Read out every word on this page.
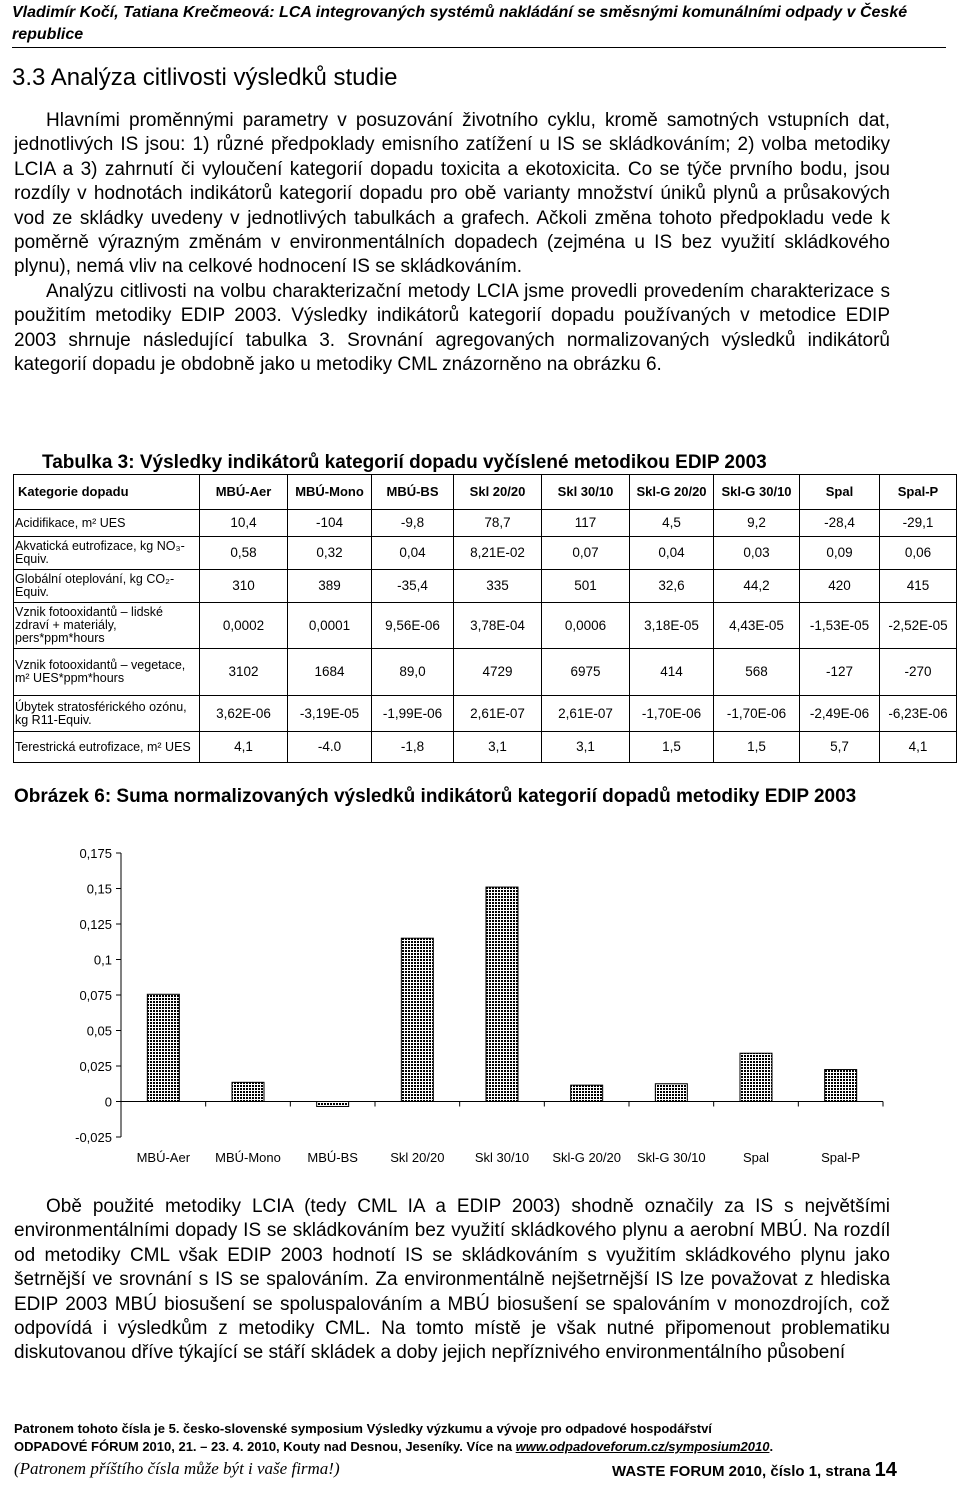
Vladimír Kočí, Tatiana Krečmeová: LCA integrovaných systémů nakládání se směsnými komunálními odpady v České republice
3.3 Analýza citlivosti výsledků studie

Hlavními proměnnými parametry v posuzování životního cyklu, kromě samotných vstupních dat, jednotlivých IS jsou: 1) různé předpoklady emisního zatížení u IS se skládkováním; 2) volba metodiky LCIA a 3) zahrnutí či vyloučení kategorií dopadu toxicita a ekotoxicita. Co se týče prvního bodu, jsou rozdíly v hodnotách indikátorů kategorií dopadu pro obě varianty množství úniků plynů a průsakových vod ze skládky uvedeny v jednotlivých tabulkách a grafech. Ačkoli změna tohoto předpokladu vede k poměrně výrazným změnám v environmentálních dopadech (zejména u IS bez využití skládkového plynu), nemá vliv na celkové hodnocení IS se skládkováním.

Analýzu citlivosti na volbu charakterizační metody LCIA jsme provedli provedením charakterizace s použitím metodiky EDIP 2003. Výsledky indikátorů kategorií dopadu používaných v metodice EDIP 2003 shrnuje následující tabulka 3. Srovnání agregovaných normalizovaných výsledků indikátorů kategorií dopadu je obdobně jako u metodiky CML znázorněno na obrázku 6.

Tabulka 3: Výsledky indikátorů kategorií dopadu vyčíslené metodikou EDIP 2003
Kategorie dopadu	MBÚ-Aer	MBÚ-Mono	MBÚ-BS	Skl 20/20	Skl 30/10	Skl-G 20/20	Skl-G 30/10	Spal	Spal-P
Acidifikace, m² UES	10,4	-104	-9,8	78,7	117	4,5	9,2	-28,4	-29,1
Akvatická eutrofizace, kg NO₃-Equiv.	0,58	0,32	0,04	8,21E-02	0,07	0,04	0,03	0,09	0,06
Globální oteplování, kg CO₂-Equiv.	310	389	-35,4	335	501	32,6	44,2	420	415
Vznik fotooxidantů – lidské zdraví + materiály, pers*ppm*hours	0,0002	0,0001	9,56E-06	3,78E-04	0,0006	3,18E-05	4,43E-05	-1,53E-05	-2,52E-05
Vznik fotooxidantů – vegetace, m² UES*ppm*hours	3102	1684	89,0	4729	6975	414	568	-127	-270
Úbytek stratosférického ozónu, kg R11-Equiv.	3,62E-06	-3,19E-05	-1,99E-06	2,61E-07	2,61E-07	-1,70E-06	-1,70E-06	-2,49E-06	-6,23E-06
Terestrická eutrofizace, m² UES	4,1	-4.0	-1,8	3,1	3,1	1,5	1,5	5,7	4,1
Obrázek 6: Suma normalizovaných výsledků indikátorů kategorií dopadů metodiky EDIP 2003
-0,025
0
0,025
0,05
0,075
0,1
0,125
0,15
0,175
MBÚ-Aer MBÚ-Mono MBÚ-BS Skl 20/20 Skl 30/10 Skl-G 20/20 Skl-G 30/10	Spal	Spal-P

Obě použité metodiky LCIA (tedy CML IA a EDIP 2003) shodně označily za IS s největšími environmentálními dopady IS se skládkováním bez využití skládkového plynu a aerobní MBÚ. Na rozdíl od metodiky CML však EDIP 2003 hodnotí IS se skládkováním s využitím skládkového plynu jako šetrnější ve srovnání s IS se spalováním. Za environmentálně nejšetrnější IS lze považovat z hlediska EDIP 2003 MBÚ biosušení se spoluspalováním a MBÚ biosušení se spalováním v monozdrojích, což odpovídá i výsledkům z metodiky CML. Na tomto místě je však nutné připomenout problematiku diskutovanou dříve týkající se stáří skládek a doby jejich nepříznivého environmentálního působení

Patronem tohoto čísla je 5. česko-slovenské symposium Výsledky výzkumu a vývoje pro odpadové hospodářství
ODPADOVÉ FÓRUM 2010, 21. – 23. 4. 2010, Kouty nad Desnou, Jeseníky. Více na www.odpadoveforum.cz/symposium2010.
(Patronem příštího čísla může být i vaše firma!)	WASTE FORUM 2010, číslo 1, strana 14
